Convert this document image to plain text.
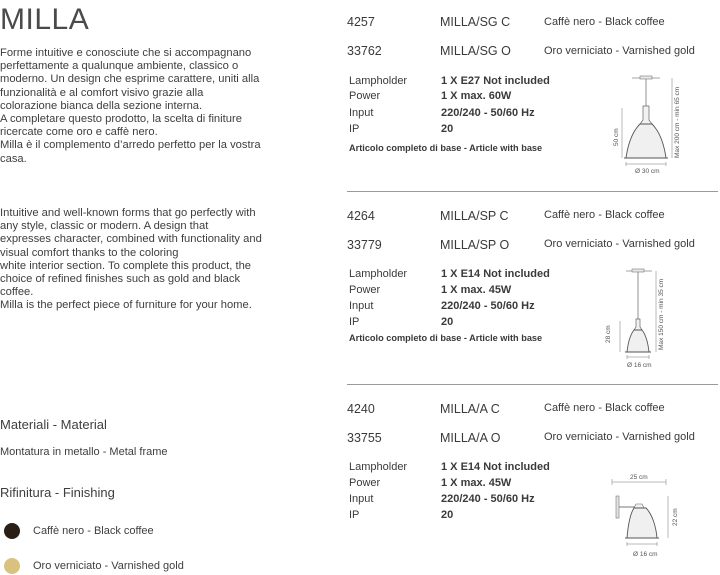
MILLA

Forme intuitive e conosciute che si accompagnano perfettamente a qualunque ambiente, classico o moderno. Un design che esprime carattere, uniti alla funzionalità e al comfort visivo grazie alla colorazione bianca della sezione interna.

A completare questo prodotto, la scelta di finiture ricercate come oro e caffè nero.

Milla è il complemento d’arredo perfetto per la vostra casa.

Intuitive and well-known forms that go perfectly with

any style, classic or modern. A design that expresses character, combined with functionality and visual comfort thanks to the coloring

white interior section. To complete this product, the choice of refined finishes such as gold and black coffee.

Milla is the perfect piece of furniture for your home.

Materiali - Material
Montatura in metallo - Metal frame
Rifinitura - Finishing
Caffè nero - Black coffee
Oro verniciato - Varnished gold
4257	MILLA/SG C	Caffè nero - Black coffee
33762	MILLA/SG O	Oro verniciato - Varnished gold
Lampholder	1 X E27 Not included
Power	1 X max. 60W
Input	220/240 - 50/60 Hz
IP	20
Articolo completo di base - Article with base
50 cm	Max 200 cm - min 65 cm
Ø 30 cm
4264	MILLA/SP C	Caffè nero - Black coffee
33779	MILLA/SP O	Oro verniciato - Varnished gold
Lampholder	1 X E14 Not included
Power	1 X max. 45W
Input	220/240 - 50/60 Hz
IP	20
Articolo completo di base - Article with base	28 cm	Max 150 cm - min 35 cm
Ø 16 cm
4240	MILLA/A C	Caffè nero - Black coffee
33755	MILLA/A O	Oro verniciato - Varnished gold
Lampholder	1 X E14 Not included
Power	1 X max. 45W
Input	220/240 - 50/60 Hz
IP	20
25 cm
22 cm
Ø 16 cm
